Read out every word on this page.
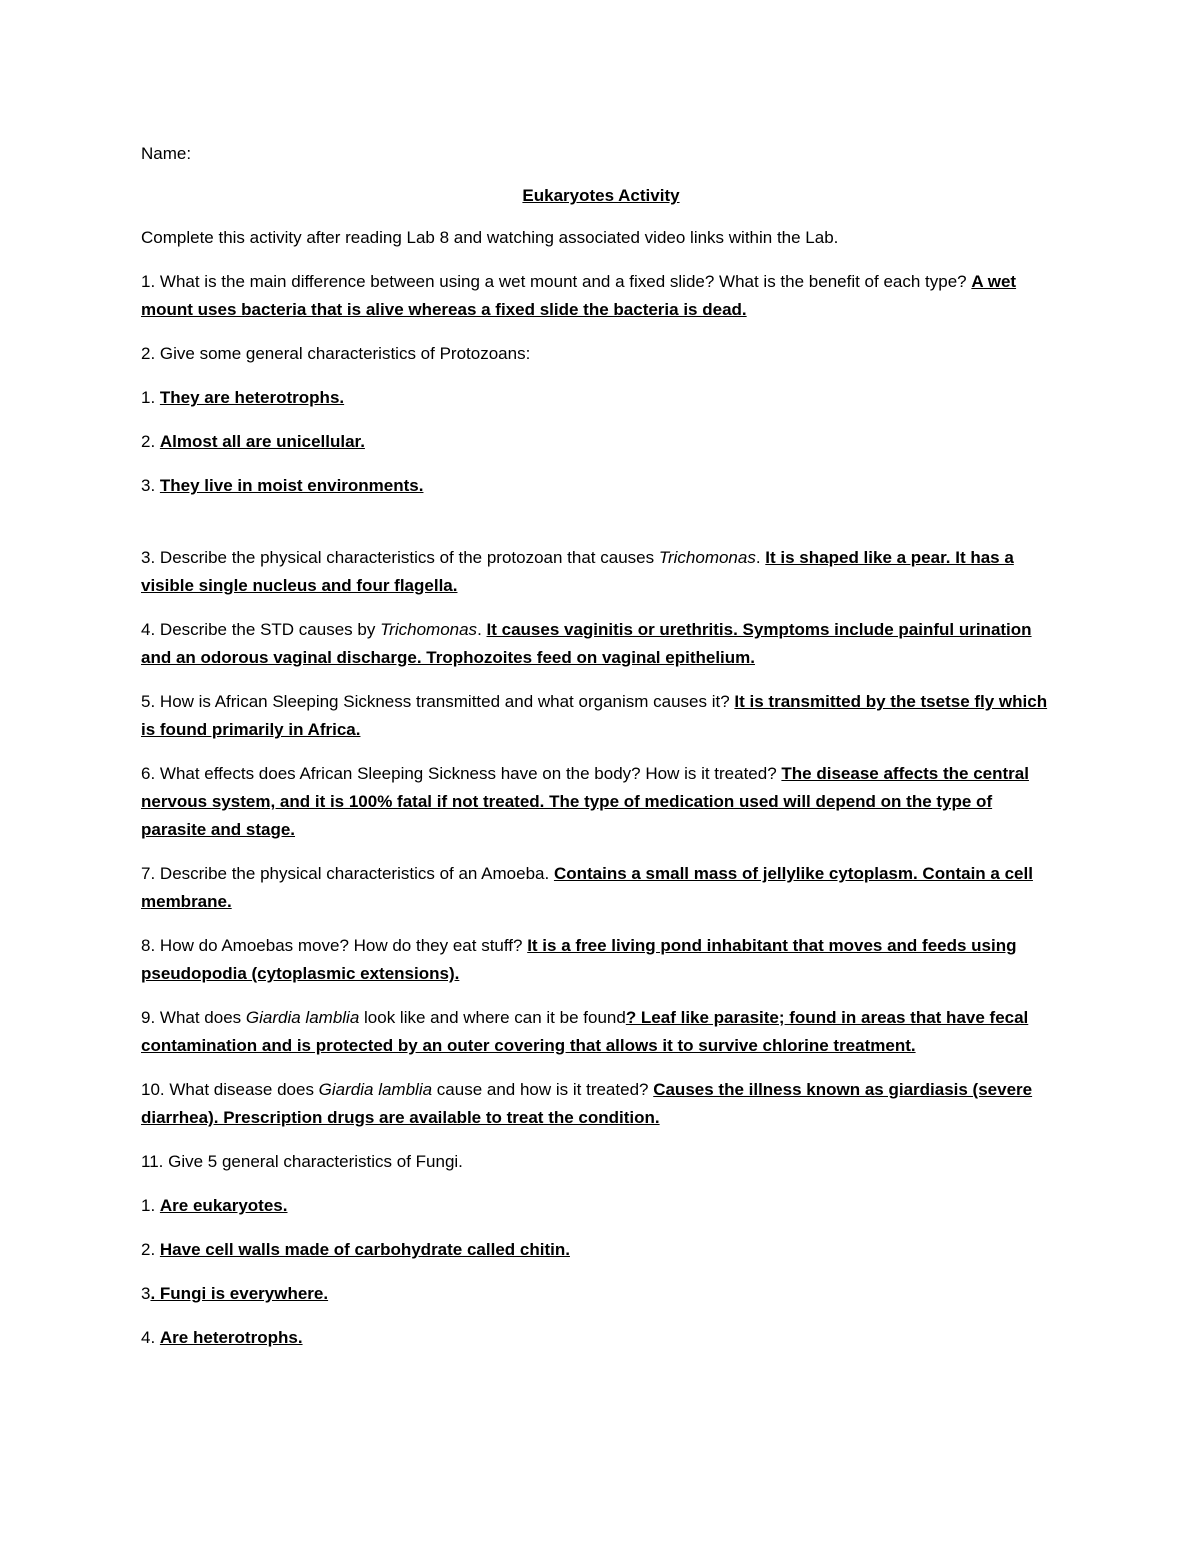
Name:

Eukaryotes Activity

Complete this activity after reading Lab 8 and watching associated video links within the Lab.

1. What is the main difference between using a wet mount and a fixed slide? What is the benefit of each type? A wet mount uses bacteria that is alive whereas a fixed slide the bacteria is dead.

2. Give some general characteristics of Protozoans:

1. They are heterotrophs.

2. Almost all are unicellular.

3. They live in moist environments.

3. Describe the physical characteristics of the protozoan that causes Trichomonas. It is shaped like a pear. It has a visible single nucleus and four flagella.

4. Describe the STD causes by Trichomonas. It causes vaginitis or urethritis. Symptoms include painful urination and an odorous vaginal discharge. Trophozoites feed on vaginal epithelium.

5. How is African Sleeping Sickness transmitted and what organism causes it? It is transmitted by the tsetse fly which is found primarily in Africa.

6. What effects does African Sleeping Sickness have on the body? How is it treated? The disease affects the central nervous system, and it is 100% fatal if not treated. The type of medication used will depend on the type of parasite and stage.

7. Describe the physical characteristics of an Amoeba. Contains a small mass of jellylike cytoplasm. Contain a cell membrane.

8. How do Amoebas move? How do they eat stuff? It is a free living pond inhabitant that moves and feeds using pseudopodia (cytoplasmic extensions).

9. What does Giardia lamblia look like and where can it be found? Leaf like parasite; found in areas that have fecal contamination and is protected by an outer covering that allows it to survive chlorine treatment.

10. What disease does Giardia lamblia cause and how is it treated? Causes the illness known as giardiasis (severe diarrhea). Prescription drugs are available to treat the condition.

11. Give 5 general characteristics of Fungi.

1. Are eukaryotes.

2. Have cell walls made of carbohydrate called chitin.

3. Fungi is everywhere.

4. Are heterotrophs.
